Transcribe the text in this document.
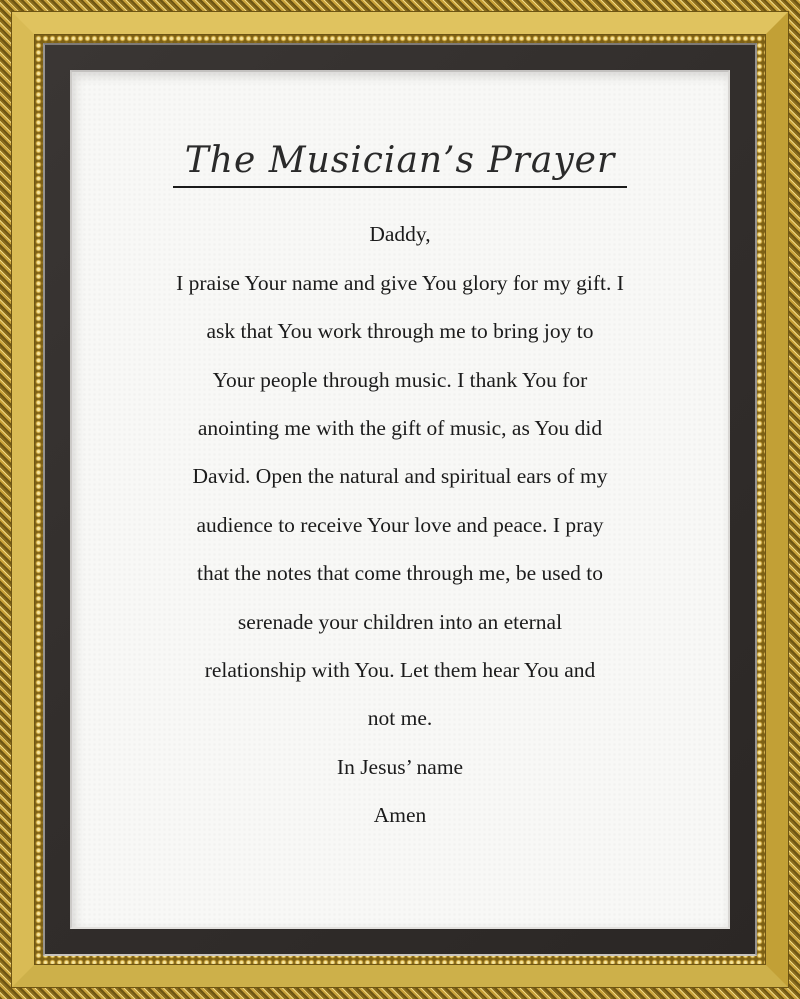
The Musician’s Prayer
Daddy,
I praise Your name and give You glory for my gift. I
ask that You work through me to bring joy to
Your people through music. I thank You for
anointing me with the gift of music, as You did
David. Open the natural and spiritual ears of my
audience to receive Your love and peace. I pray
that the notes that come through me, be used to
serenade your children into an eternal
relationship with You. Let them hear You and
not me.
In Jesus’ name
Amen
